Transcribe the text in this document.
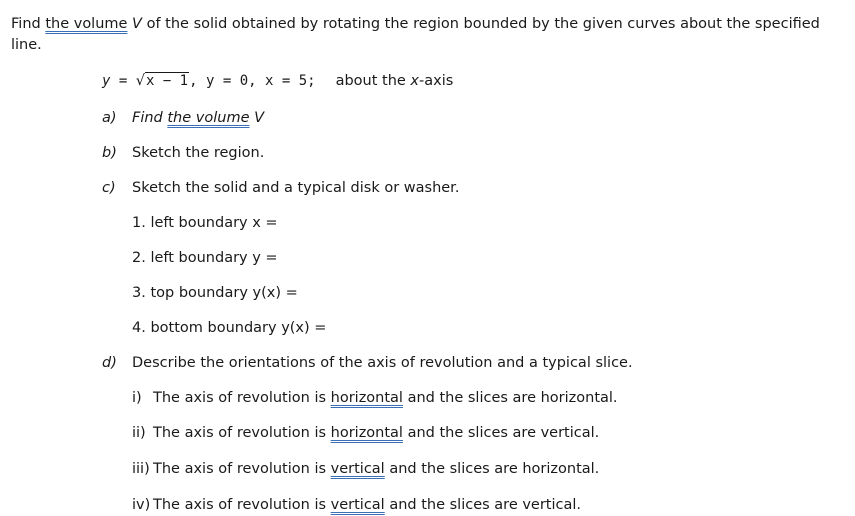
Find the volume V of the solid obtained by rotating the region bounded by the given curves about the specified line.
y = √x − 1, y = 0, x = 5; about the x-axis
a) Find the volume V
b) Sketch the region.
c) Sketch the solid and a typical disk or washer.
1. left boundary x =
2. left boundary y =
3. top boundary y(x) =
4. bottom boundary y(x) =
d) Describe the orientations of the axis of revolution and a typical slice.
i) The axis of revolution is horizontal and the slices are horizontal.
ii) The axis of revolution is horizontal and the slices are vertical.
iii) The axis of revolution is vertical and the slices are horizontal.
iv) The axis of revolution is vertical and the slices are vertical.
